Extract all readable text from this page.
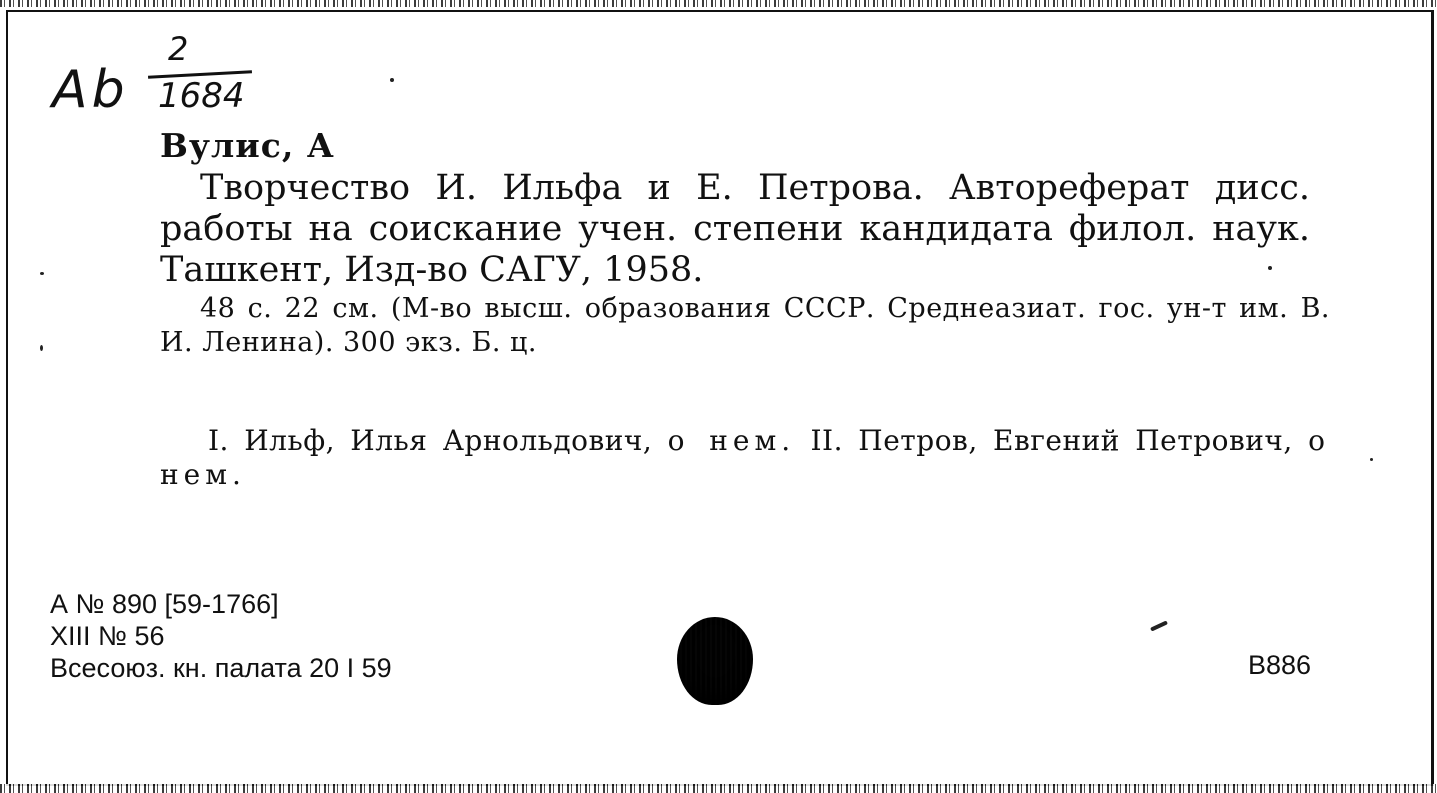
Ab
2
1684
Вулис, А
Творчество И. Ильфа и Е. Петрова. Автореферат дисс. работы на соискание учен. степени кандидата филол. наук. Ташкент, Изд-во САГУ, 1958.
48 с. 22 см. (М-во высш. образования СССР. Среднеазиат. гос. ун-т им. В. И. Ленина). 300 экз. Б. ц.
I. Ильф, Илья Арнольдович, о нем. II. Петров, Евгений Петрович, о нем.
А № 890 [59-1766]
XIII № 56
Всесоюз. кн. палата 20 I 59	В886
